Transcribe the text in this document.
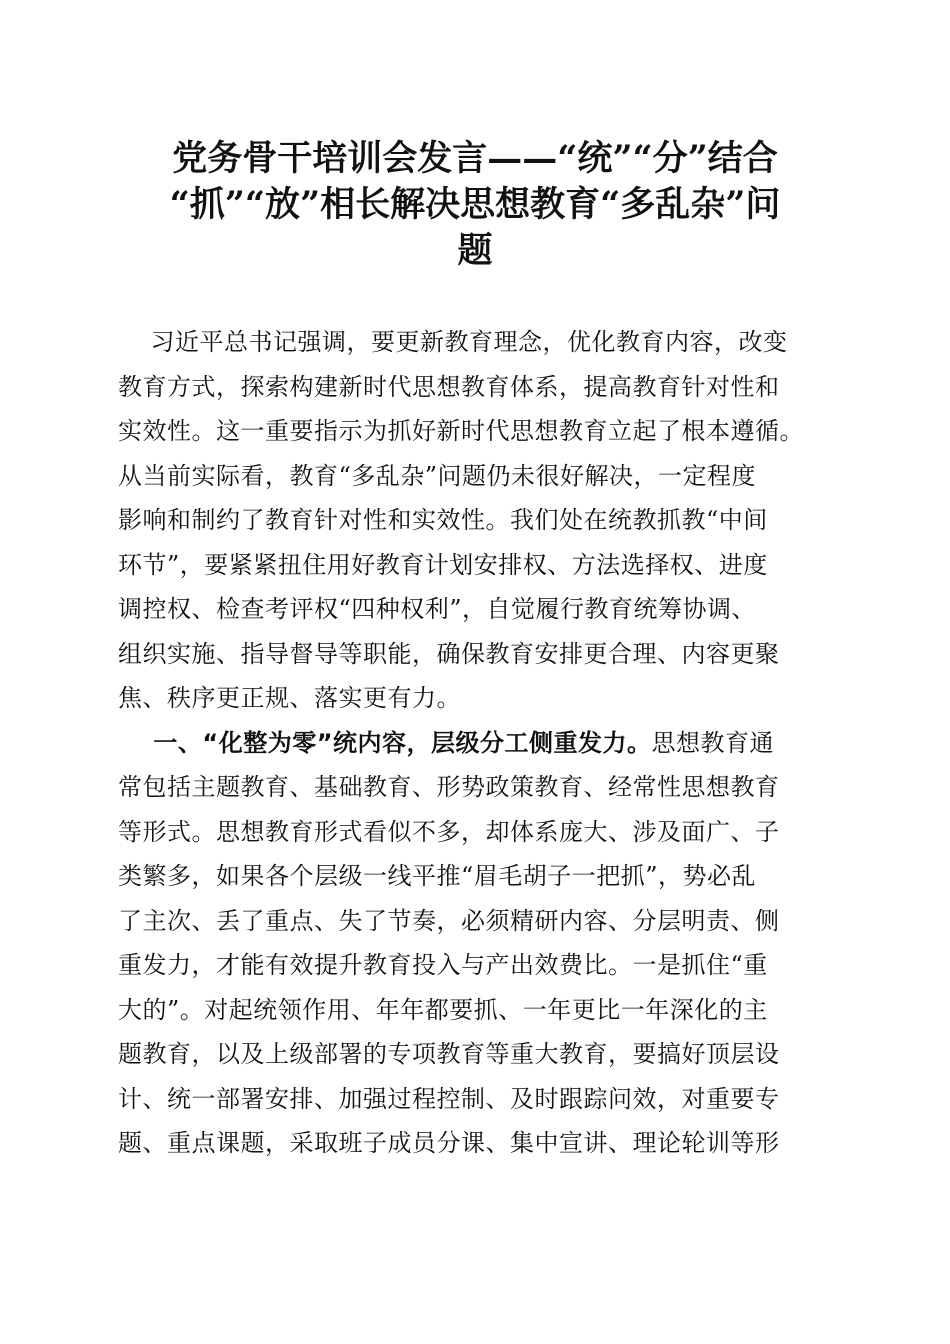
党务骨干培训会发言——“统”“分”结合
“抓”“放”相长解决思想教育“多乱杂”问
题
习近平总书记强调，要更新教育理念，优化教育内容，改变
教育方式，探索构建新时代思想教育体系，提高教育针对性和
实效性。这一重要指示为抓好新时代思想教育立起了根本遵循。
从当前实际看，教育“多乱杂”问题仍未很好解决，一定程度
影响和制约了教育针对性和实效性。我们处在统教抓教“中间
环节”，要紧紧扭住用好教育计划安排权、方法选择权、进度
调控权、检查考评权“四种权利”，自觉履行教育统筹协调、
组织实施、指导督导等职能，确保教育安排更合理、内容更聚
焦、秩序更正规、落实更有力。
一、“化整为零”统内容，层级分工侧重发力。思想教育通
常包括主题教育、基础教育、形势政策教育、经常性思想教育
等形式。思想教育形式看似不多，却体系庞大、涉及面广、子
类繁多，如果各个层级一线平推“眉毛胡子一把抓”，势必乱
了主次、丢了重点、失了节奏，必须精研内容、分层明责、侧
重发力，才能有效提升教育投入与产出效费比。一是抓住“重
大的”。对起统领作用、年年都要抓、一年更比一年深化的主
题教育，以及上级部署的专项教育等重大教育，要搞好顶层设
计、统一部署安排、加强过程控制、及时跟踪问效，对重要专
题、重点课题，采取班子成员分课、集中宣讲、理论轮训等形
